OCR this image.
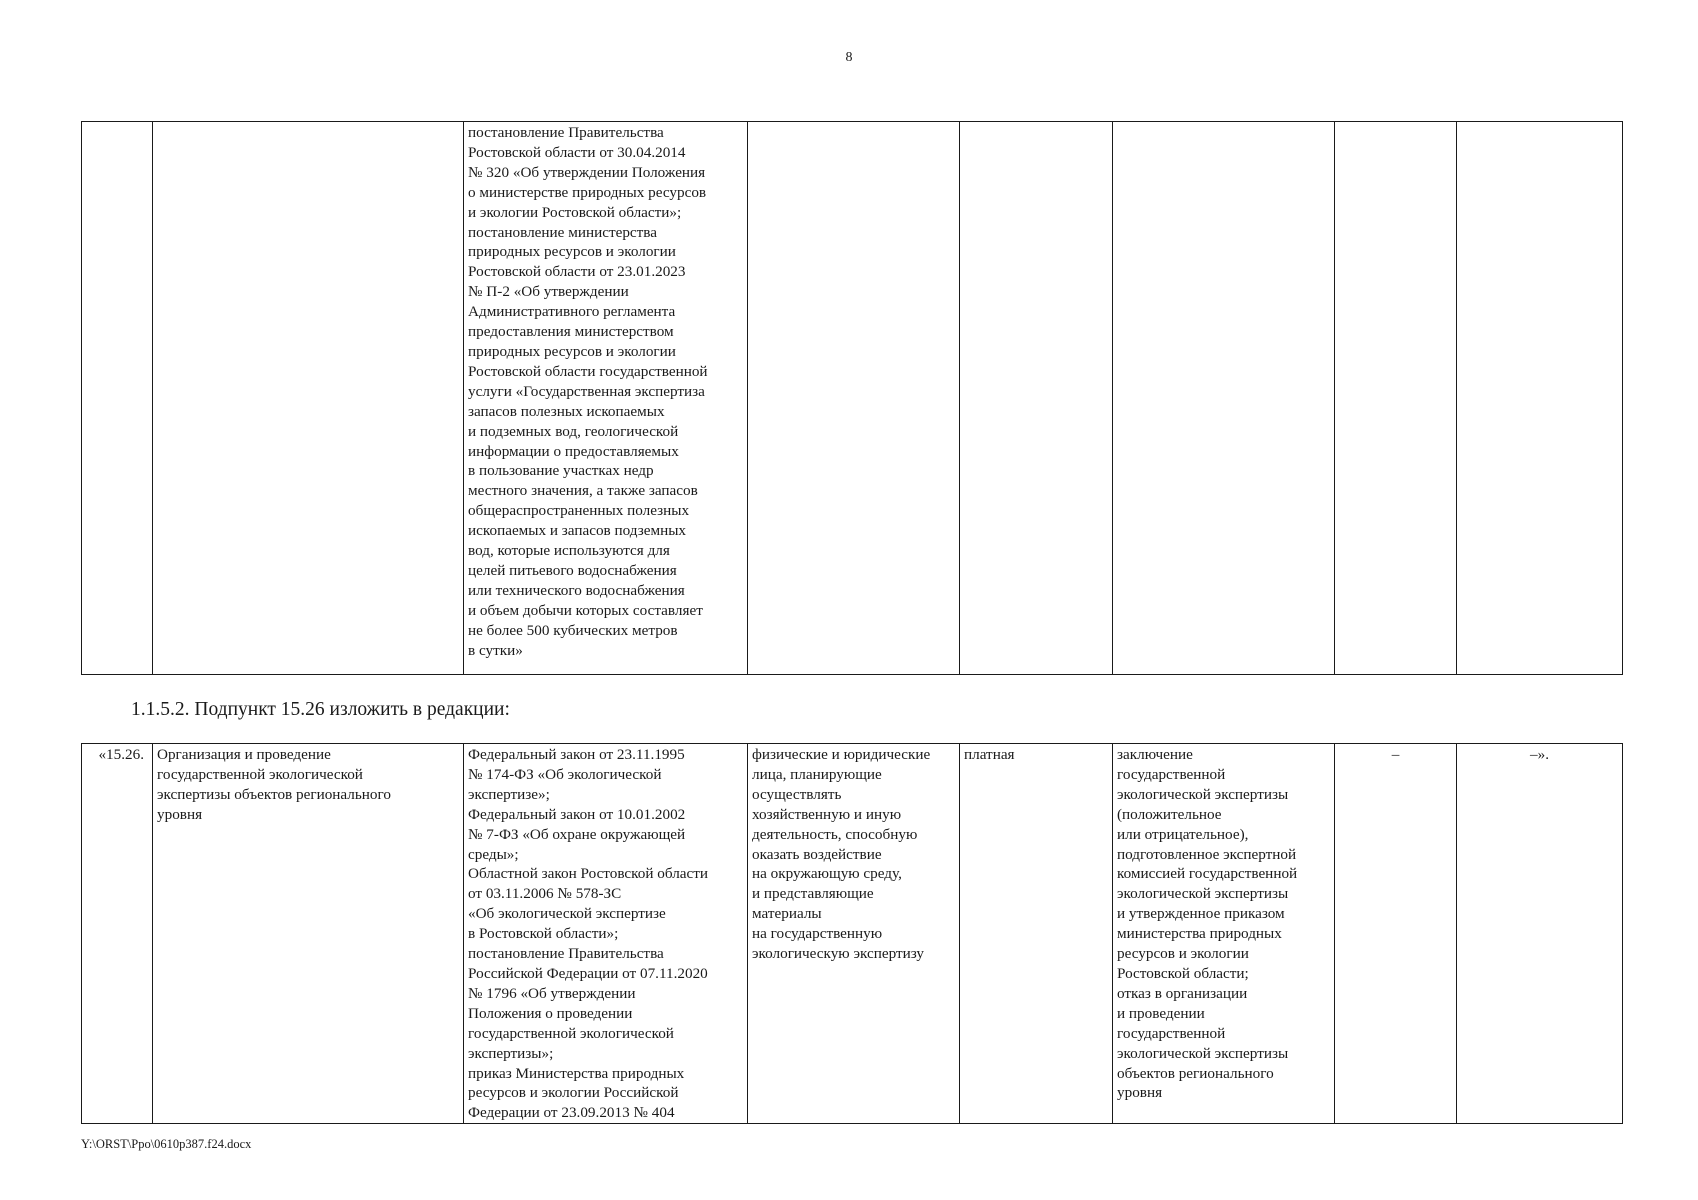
8
		постановление Правительства
Ростовской области от 30.04.2014
№ 320 «Об утверждении Положения
о министерстве природных ресурсов
и экологии Ростовской области»;
постановление министерства
природных ресурсов и экологии
Ростовской области от 23.01.2023
№ П-2 «Об утверждении
Административного регламента
предоставления министерством
природных ресурсов и экологии
Ростовской области государственной
услуги «Государственная экспертиза
запасов полезных ископаемых
и подземных вод, геологической
информации о предоставляемых
в пользование участках недр
местного значения, а также запасов
общераспространенных полезных
ископаемых и запасов подземных
вод, которые используются для
целей питьевого водоснабжения
или технического водоснабжения
и объем добычи которых составляет
не более 500 кубических метров
в сутки»					
1.1.5.2. Подпункт 15.26 изложить в редакции:
«15.26.	Организация и проведение
государственной экологической
экспертизы объектов регионального
уровня	Федеральный закон от 23.11.1995
№ 174-ФЗ «Об экологической
экспертизе»;
Федеральный закон от 10.01.2002
№ 7-ФЗ «Об охране окружающей
среды»;
Областной закон Ростовской области
от 03.11.2006 № 578-ЗС
«Об экологической экспертизе
в Ростовской области»;
постановление Правительства
Российской Федерации от 07.11.2020
№ 1796 «Об утверждении
Положения о проведении
государственной экологической
экспертизы»;
приказ Министерства природных
ресурсов и экологии Российской
Федерации от 23.09.2013 № 404	физические и юридические
лица, планирующие
осуществлять
хозяйственную и иную
деятельность, способную
оказать воздействие
на окружающую среду,
и представляющие
материалы
на государственную
экологическую экспертизу	платная	заключение
государственной
экологической экспертизы
(положительное
или отрицательное),
подготовленное экспертной
комиссией государственной
экологической экспертизы
и утвержденное приказом
министерства природных
ресурсов и экологии
Ростовской области;
отказ в организации
и проведении
государственной
экологической экспертизы
объектов регионального
уровня	–	–».
Y:\ORST\Ppo\0610p387.f24.docx
